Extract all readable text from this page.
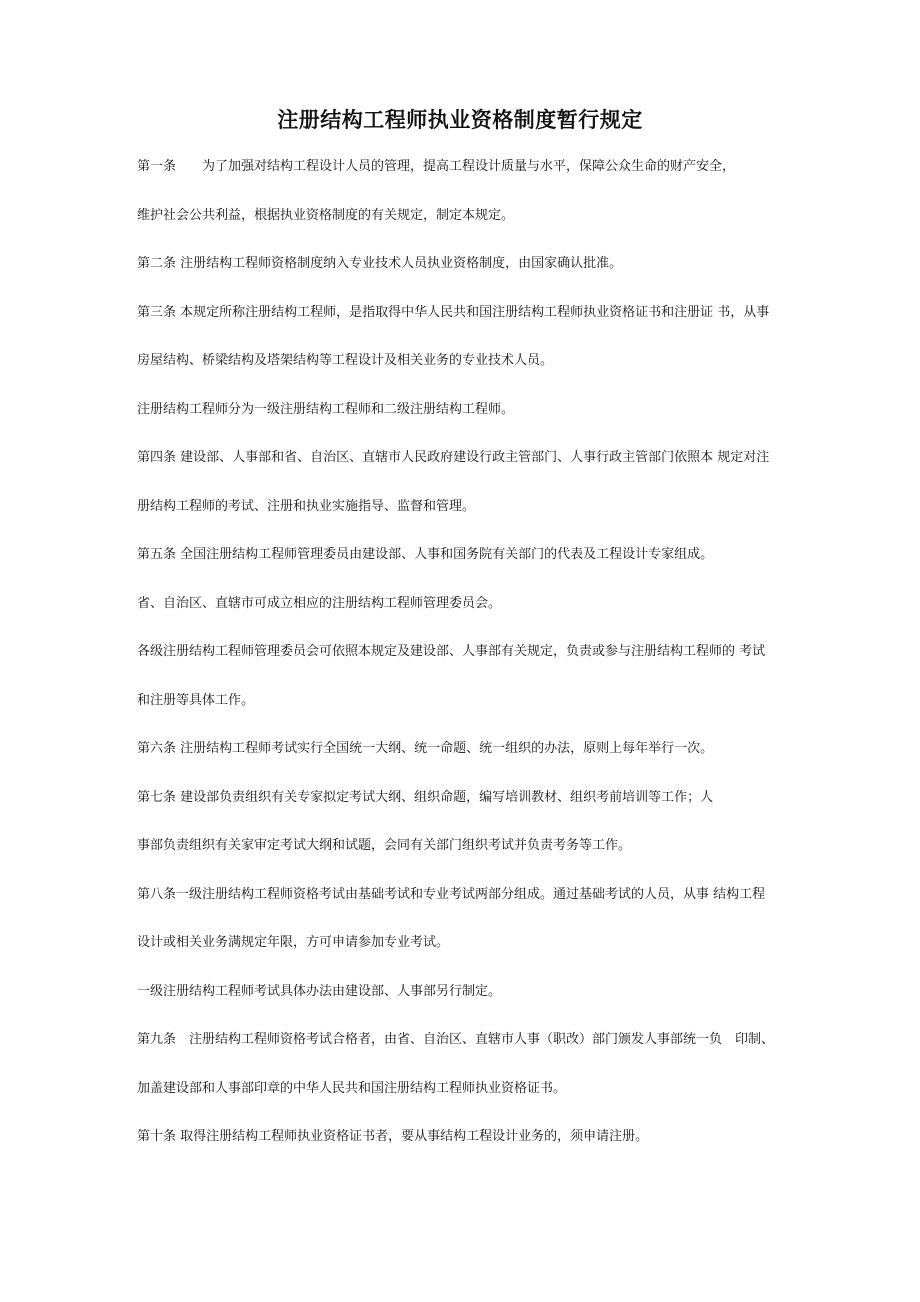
注册结构工程师执业资格制度暂行规定
第一条　　为了加强对结构工程设计人员的管理，提高工程设计质量与水平，保障公众生命的财产安全，
维护社会公共利益，根据执业资格制度的有关规定，制定本规定。
第二条 注册结构工程师资格制度纳入专业技术人员执业资格制度，由国家确认批准。
第三条 本规定所称注册结构工程师，是指取得中华人民共和国注册结构工程师执业资格证书和注册证 书，从事
房屋结构、桥梁结构及塔架结构等工程设计及相关业务的专业技术人员。
注册结构工程师分为一级注册结构工程师和二级注册结构工程师。
第四条 建设部、人事部和省、自治区、直辖市人民政府建设行政主管部门、人事行政主管部门依照本 规定对注
册结构工程师的考试、注册和执业实施指导、监督和管理。
第五条 全国注册结构工程师管理委员由建设部、人事和国务院有关部门的代表及工程设计专家组成。
省、自治区、直辖市可成立相应的注册结构工程师管理委员会。
各级注册结构工程师管理委员会可依照本规定及建设部、人事部有关规定，负责或参与注册结构工程师的 考试
和注册等具体工作。
第六条 注册结构工程师考试实行全国统一大纲、统一命题、统一组织的办法，原则上每年举行一次。
第七条 建设部负责组织有关专家拟定考试大纲、组织命题，编写培训教材、组织考前培训等工作；人
事部负责组织有关家审定考试大纲和试题，会同有关部门组织考试并负责考务等工作。
第八条一级注册结构工程师资格考试由基础考试和专业考试两部分组成。通过基础考试的人员，从事 结构工程
设计或相关业务满规定年限，方可申请参加专业考试。
一级注册结构工程师考试具体办法由建设部、人事部另行制定。
第九条　注册结构工程师资格考试合格者，由省、自治区、直辖市人事（职改）部门颁发人事部统一负　印制、
加盖建设部和人事部印章的中华人民共和国注册结构工程师执业资格证书。
第十条 取得注册结构工程师执业资格证书者，要从事结构工程设计业务的，须申请注册。
